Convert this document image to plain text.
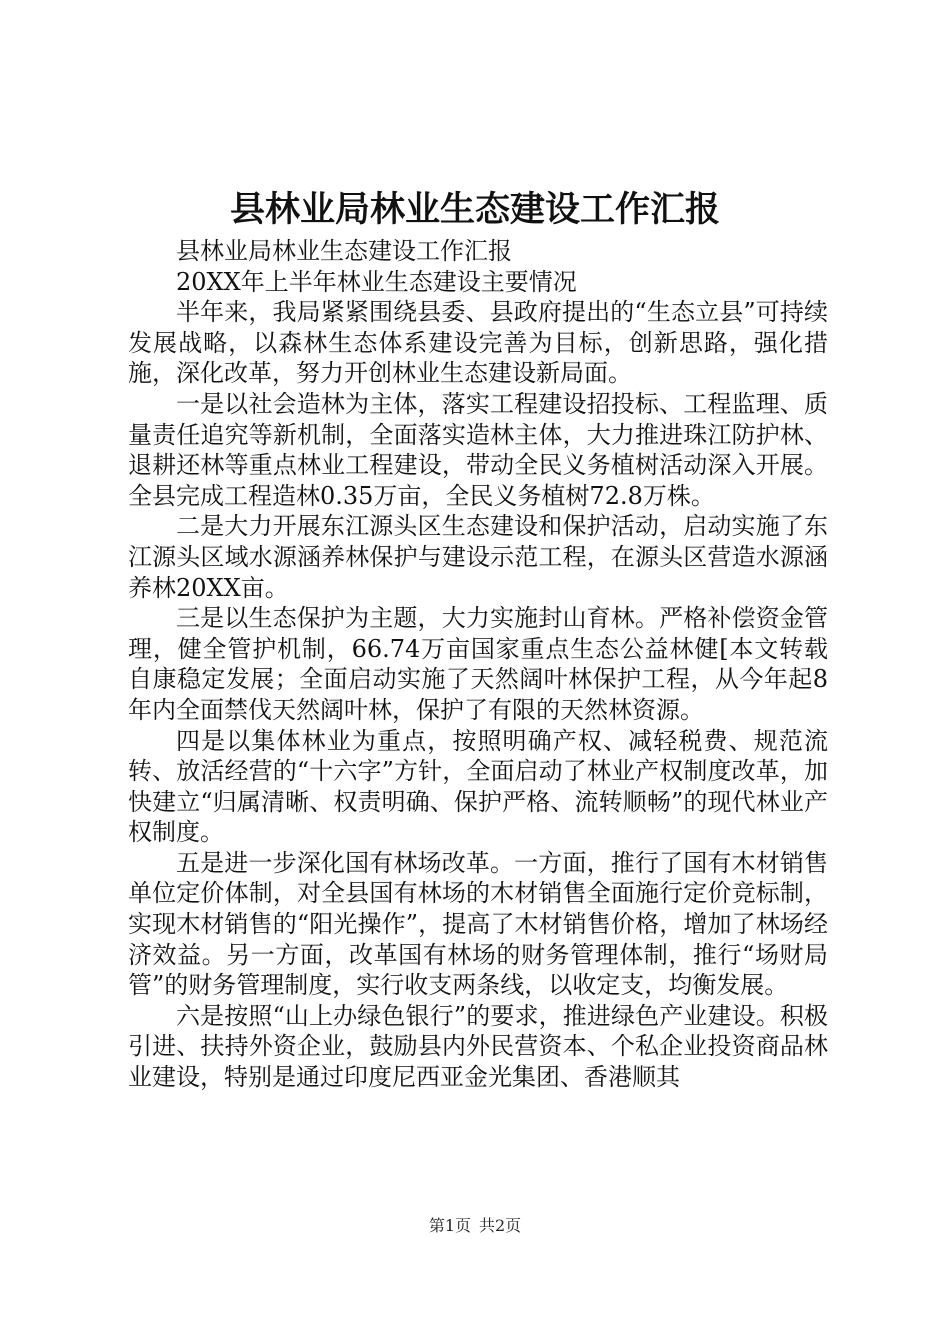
县林业局林业生态建设工作汇报

县林业局林业生态建设工作汇报

20XX年上半年林业生态建设主要情况

半年来，我局紧紧围绕县委、县政府提出的“生态立县”可持续发展战略，以森林生态体系建设完善为目标，创新思路，强化措施，深化改革，努力开创林业生态建设新局面。

一是以社会造林为主体，落实工程建设招投标、工程监理、质量责任追究等新机制，全面落实造林主体，大力推进珠江防护林、退耕还林等重点林业工程建设，带动全民义务植树活动深入开展。全县完成工程造林0.35万亩，全民义务植树72.8万株。

二是大力开展东江源头区生态建设和保护活动，启动实施了东江源头区域水源涵养林保护与建设示范工程，在源头区营造水源涵养林20XX亩。

三是以生态保护为主题，大力实施封山育林。严格补偿资金管理，健全管护机制，66.74万亩国家重点生态公益林健[本文转载自康稳定发展；全面启动实施了天然阔叶林保护工程，从今年起8年内全面禁伐天然阔叶林，保护了有限的天然林资源。

四是以集体林业为重点，按照明确产权、减轻税费、规范流转、放活经营的“十六字”方针，全面启动了林业产权制度改革，加快建立“归属清晰、权责明确、保护严格、流转顺畅”的现代林业产权制度。

五是进一步深化国有林场改革。一方面，推行了国有木材销售单位定价体制，对全县国有林场的木材销售全面施行定价竞标制，实现木材销售的“阳光操作”，提高了木材销售价格，增加了林场经济效益。另一方面，改革国有林场的财务管理体制，推行“场财局管”的财务管理制度，实行收支两条线，以收定支，均衡发展。

六是按照“山上办绿色银行”的要求，推进绿色产业建设。积极引进、扶持外资企业，鼓励县内外民营资本、个私企业投资商品林业建设，特别是通过印度尼西亚金光集团、香港顺其

第1页 共2页
